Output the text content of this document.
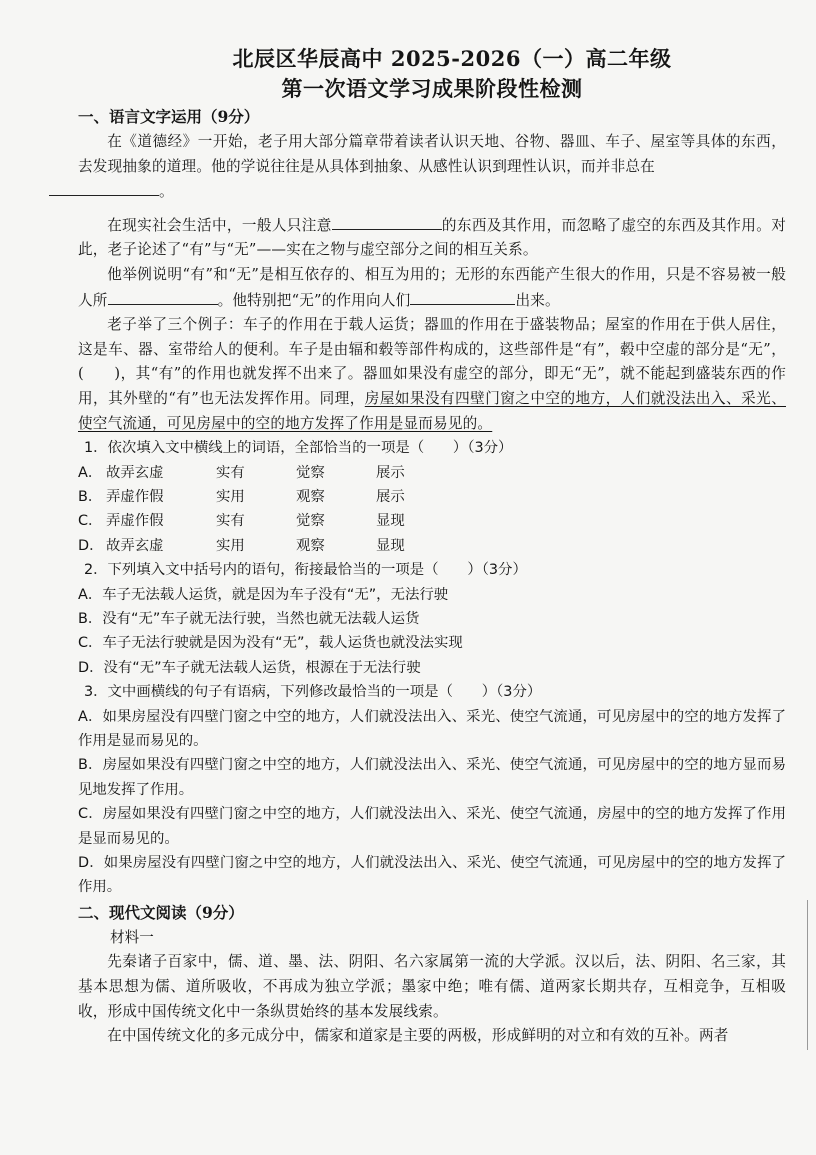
北辰区华辰高中 2025-2026（一）高二年级

第一次语文学习成果阶段性检测

一、语言文字运用（9分）

在《道德经》一开始，老子用大部分篇章带着读者认识天地、谷物、器皿、车子、屋室等具体的东西，去发现抽象的道理。他的学说往往是从具体到抽象、从感性认识到理性认识，而并非总在
。

在现实社会生活中，一般人只注意	的东西及其作用，而忽略了虚空的东西及其作用。对此，老子论述了“有”与“无”——实在之物与虚空部分之间的相互关系。

他举例说明“有”和“无”是相互依存的、相互为用的；无形的东西能产生很大的作用，只是不容易被一般人所	。他特别把“无”的作用向人们	出来。

老子举了三个例子：车子的作用在于载人运货；器皿的作用在于盛装物品；屋室的作用在于供人居住，这是车、器、室带给人的便利。车子是由辐和毂等部件构成的，这些部件是“有”，毂中空虚的部分是“无”，(　　)，其“有”的作用也就发挥不出来了。器皿如果没有虚空的部分，即无“无”，就不能起到盛装东西的作用，其外壁的“有”也无法发挥作用。同理，房屋如果没有四壁门窗之中空的地方，人们就没法出入、采光、使空气流通，可见房屋中的空的地方发挥了作用是显而易见的。

1．依次填入文中横线上的词语，全部恰当的一项是（　　）（3分）

A． 故弄玄虚	实有	觉察	展示
B． 弄虚作假	实用	观察	展示
C． 弄虚作假	实有	觉察	显现
D． 故弄玄虚	实用	观察	显现

2．下列填入文中括号内的语句，衔接最恰当的一项是（　　）（3分）

A．车子无法载人运货，就是因为车子没有“无”，无法行驶

B．没有“无”车子就无法行驶，当然也就无法载人运货

C．车子无法行驶就是因为没有“无”，载人运货也就没法实现

D．没有“无”车子就无法载人运货，根源在于无法行驶

3．文中画横线的句子有语病，下列修改最恰当的一项是（　　）（3分）

A．如果房屋没有四壁门窗之中空的地方，人们就没法出入、采光、使空气流通，可见房屋中的空的地方发挥了作用是显而易见的。

B．房屋如果没有四壁门窗之中空的地方，人们就没法出入、采光、使空气流通，可见房屋中的空的地方显而易见地发挥了作用。

C．房屋如果没有四壁门窗之中空的地方，人们就没法出入、采光、使空气流通，房屋中的空的地方发挥了作用是显而易见的。

D．如果房屋没有四壁门窗之中空的地方，人们就没法出入、采光、使空气流通，可见房屋中的空的地方发挥了作用。

二、现代文阅读（9分）
材料一

先秦诸子百家中，儒、道、墨、法、阴阳、名六家属第一流的大学派。汉以后，法、阴阳、名三家，其基本思想为儒、道所吸收，不再成为独立学派；墨家中绝；唯有儒、道两家长期共存，互相竞争，互相吸收，形成中国传统文化中一条纵贯始终的基本发展线索。

在中国传统文化的多元成分中，儒家和道家是主要的两极，形成鲜明的对立和有效的互补。两者
